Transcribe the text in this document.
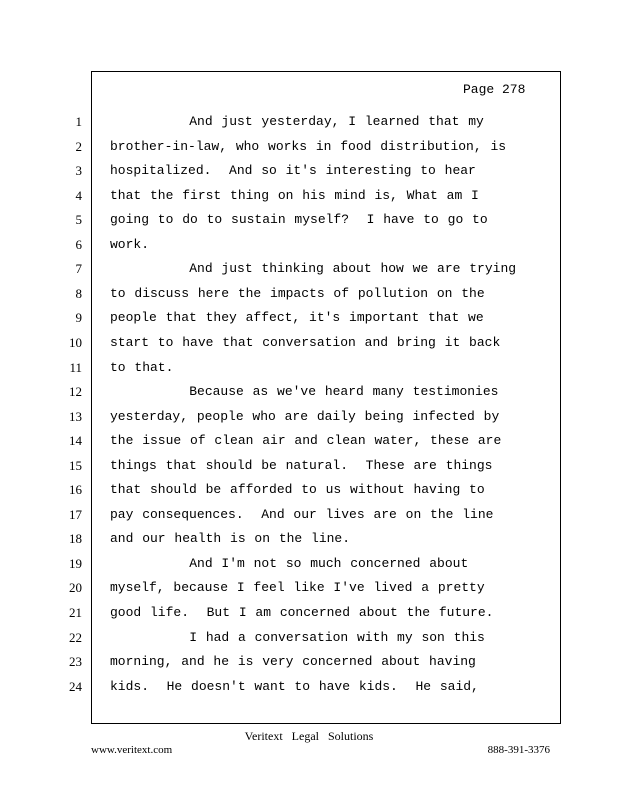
Page 278
1 And just yesterday, I learned that my
2 brother-in-law, who works in food distribution, is
3 hospitalized.  And so it's interesting to hear
4 that the first thing on his mind is, What am I
5 going to do to sustain myself?  I have to go to
6 work.
7 And just thinking about how we are trying
8 to discuss here the impacts of pollution on the
9 people that they affect, it's important that we
10 start to have that conversation and bring it back
11 to that.
12 Because as we've heard many testimonies
13 yesterday, people who are daily being infected by
14 the issue of clean air and clean water, these are
15 things that should be natural.  These are things
16 that should be afforded to us without having to
17 pay consequences.  And our lives are on the line
18 and our health is on the line.
19 And I'm not so much concerned about
20 myself, because I feel like I've lived a pretty
21 good life.  But I am concerned about the future.
22 I had a conversation with my son this
23 morning, and he is very concerned about having
24 kids.  He doesn't want to have kids.  He said,
Veritext Legal Solutions
www.veritext.com	888-391-3376
